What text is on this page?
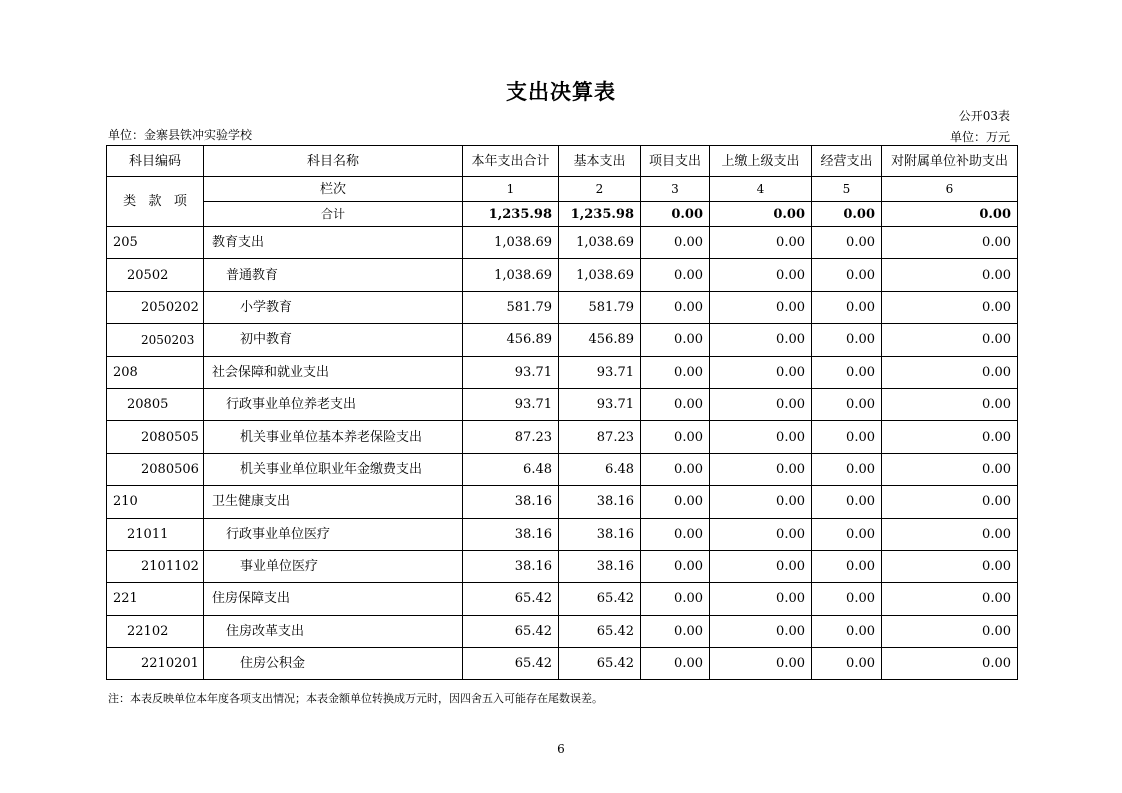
支出决算表
公开03表
单位：金寨县铁冲实验学校	单位：万元
科目编码	科目名称	本年支出合计	基本支出	项目支出	上缴上级支出	经营支出	对附属单位补助支出

类 款 项	栏次	1	2	3	4	5	6
	合计	1,235.98	1,235.98	0.00	0.00	0.00	0.00
205	教育支出	1,038.69	1,038.69	0.00	0.00	0.00	0.00
20502	普通教育	1,038.69	1,038.69	0.00	0.00	0.00	0.00
2050202	小学教育	581.79	581.79	0.00	0.00	0.00	0.00
2050203	初中教育	456.89	456.89	0.00	0.00	0.00	0.00
208	社会保障和就业支出	93.71	93.71	0.00	0.00	0.00	0.00
20805	行政事业单位养老支出	93.71	93.71	0.00	0.00	0.00	0.00
2080505	机关事业单位基本养老保险支出	87.23	87.23	0.00	0.00	0.00	0.00
2080506	机关事业单位职业年金缴费支出	6.48	6.48	0.00	0.00	0.00	0.00
210	卫生健康支出	38.16	38.16	0.00	0.00	0.00	0.00
21011	行政事业单位医疗	38.16	38.16	0.00	0.00	0.00	0.00
2101102	事业单位医疗	38.16	38.16	0.00	0.00	0.00	0.00
221	住房保障支出	65.42	65.42	0.00	0.00	0.00	0.00
22102	住房改革支出	65.42	65.42	0.00	0.00	0.00	0.00
2210201	住房公积金	65.42	65.42	0.00	0.00	0.00	0.00
注：本表反映单位本年度各项支出情况；本表金额单位转换成万元时，因四舍五入可能存在尾数误差。
6
